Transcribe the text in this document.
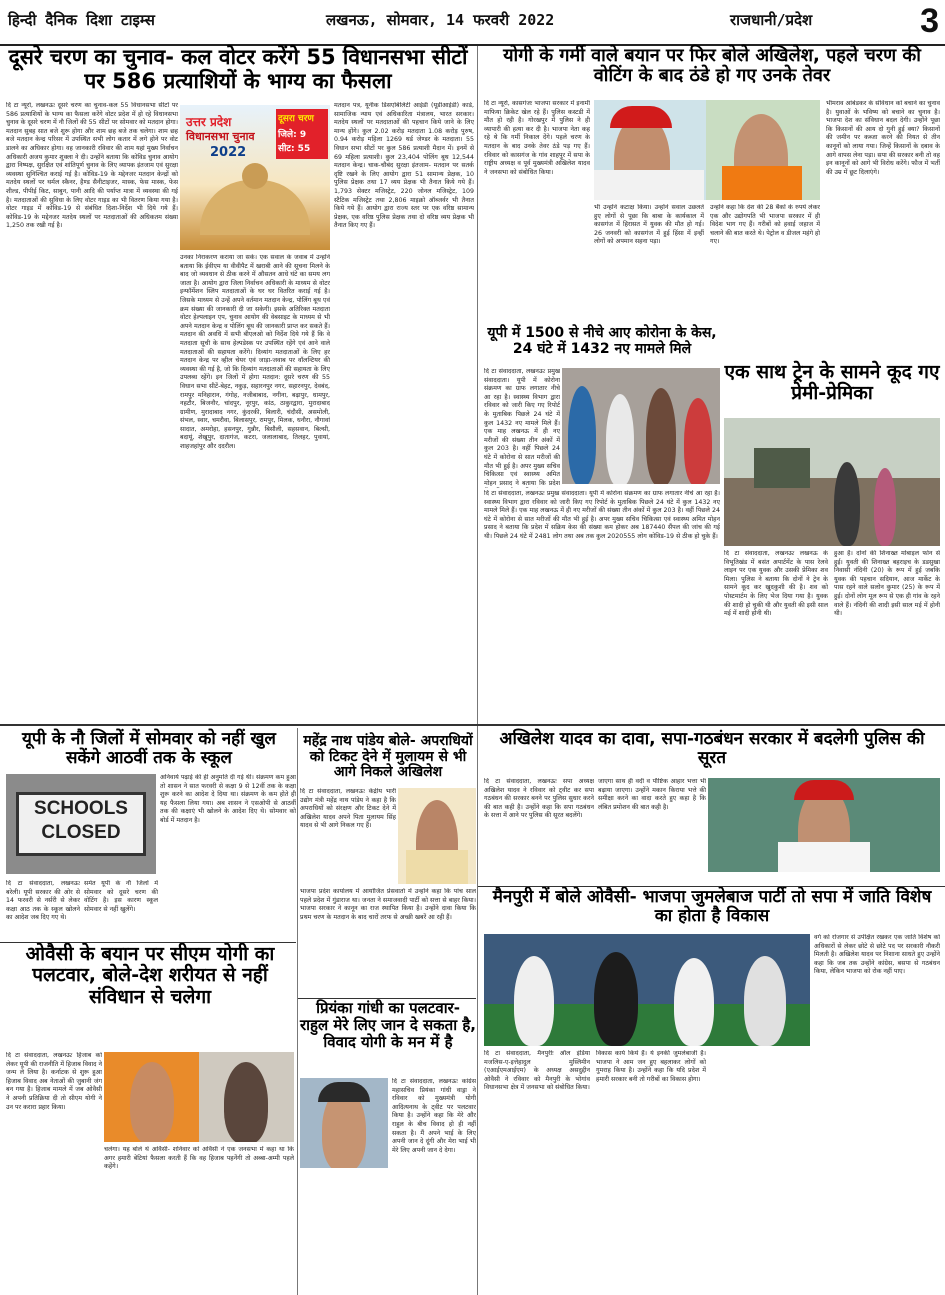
हिन्दी दैनिक दिशा टाइम्स	लखनऊ, सोमवार, 14 फरवरी 2022	राजधानी/प्रदेश	3
दूसरे चरण का चुनाव- कल वोटर करेंगे 55 विधानसभा सीटों पर 586 प्रत्याशियों के भाग्य का फैसला
दि टा न्यूरो, लखनऊः दूसरे चरण का चुनाव-कल 55 विधानसभा सीटों पर 586 प्रत्याशियों के भाग्य का फैसला करेंगे वोटर प्रदेश में हो रहे विधानसभा चुनाव के दूसरे चरण में नौ जिलों की 55 सीटों पर सोमवार को मतदान होगा। मतदान सुबह सात बजे शुरू होगा और शाम छह बजे तक चलेगा। शाम छह बजे मतदान केन्द्र परिसर में उपस्थित सभी लोग कतार में लगे होने पर वोट डालने का अधिकार होगा। वह जानकारी रविवार की शाम यहां मुख्य निर्वाचन अधिकारी अजय कुमार शुक्ला ने दी। उन्होंने बताया कि कोविड चुनाव आयोग द्वारा निष्पक्ष, सुरक्षित एवं शांतिपूर्ण चुनाव के लिए व्यापक इंतजाम एवं सुरक्षा व्यवस्था सुनिश्चित कराई गई है। कोविड-19 के मद्देनजर मतदान केन्द्रों को मतदेय स्थलों पर थर्मल स्कैनर, हैण्ड सैनीटाइजर, मास्क, फेस मास्क, फेस शील्ड, पीपीई किट, साबुन, पानी आदि की पर्याप्त मात्रा में व्यवस्था की गई है। मतदाताओं की सुविधा के लिए वोटर गाइड का भी वितरण किया गया है। वोटर गाइड में कोविड-19 से संबंधित दिशा-निर्देश भी दिये गये हैं। कोविड-19 के मद्देनजर मतदेय स्थलों पर मतदाताओं की अधिकतम संख्या 1,250 तक रखी गई है।
दूसरा चरण
जिले: 9
सीट: 55
उत्तर प्रदेश
विधानसभा चुनाव
2022
उनका निराकरण कराया जा सके। एक सवाल के जवाब में उन्होंने बताया कि ईवीएम या वीवीपैट में खराबी आने की सूचना मिलने के बाद जो व्यवधान से ठीक करने में औसतन आधे घंटे का समय लग जाता है। आयोग द्वारा जिला निर्वाचन अधिकारी के माध्यम से वोटर इन्फॉर्मेशन स्लिप मतदाताओं के घर घर वितरित कराई गई है। जिसके माध्यम से उन्हें अपने वर्तमान मतदान केन्द्र, पोलिंग बूथ एवं क्रम संख्या की जानकारी दी जा सकेगी। इसके अतिरिक्त मतदाता वोटर हेल्पलाइन एप, चुनाव आयोग की वेबसाइट के माध्यम से भी अपने मतदान केन्द्र व पोलिंग बूथ की जानकारी प्राप्त कर सकते हैं। मतदान की अवधि में सभी बीएलओ को निर्देश दिये गये हैं कि वे मतदाता सूची के साथ हेल्पडेस्क पर उपस्थित रहेंगे एवं आने वाले मतदाताओं की सहायता करेंगे। दिव्यांग मतदाताओं के लिए हर मतदान केन्द्र पर व्हील चेयर एवं जाड़ा-जवाब पर वॉलन्टियर की व्यवस्था की गई है, जो कि दिव्यांग मतदाताओं की सहायता के लिए उपलब्ध रहेंगे। इन जिलों में होगा मतदान: दूसरे चरण की 55 विधान सभा सीटें-बेहट, नकुड़, सहारनपुर नगर, सहारनपुर, देवबंद, रामपुर मनिहारान, गंगोह, नजीबाबाद, नगीना, बढ़ापुर, धामपुर, नहटौर, बिजनौर, चांदपुर, नूरपुर, कांठ, ठाकुरद्वारा, मुरादाबाद ग्रामीण, मुरादाबाद नगर, कुंदरकी, बिलारी, चंदौसी, असमोली, संभल, स्वार, चमरौवा, बिलासपुर, रामपुर, मिलक, धनौरा, नौगावां सादात, अमरोहा, हसनपुर, गुन्नौर, बिसौली, सहसवान, बिल्सी, बदायूं, शेखूपुर, दातागंज, कटरा, जलालाबाद, तिलहर, पुवायां, शाहजहांपुर और ददरौल।
मतदान पत्र, यूनीक डिसएबिलिटी आईडी (यूडीआईडी) कार्ड, सामाजिक न्याय एवं अधिकारिता मंत्रालय, भारत सरकार। मतदेय स्थलों पर मतदाताओं की पहचान किये जाने के लिए मान्य होंगे। कुल 2.02 करोड़ मतदाता 1.08 करोड़ पुरुष, 0.94 करोड़ महिला 1269 थर्ड जेण्डर के मतदाता। 55 विधान सभा सीटों पर कुल 586 प्रत्याशी मैदान में। इनमें से 69 महिला प्रत्याशी। कुल 23,404 पोलिंग बूथ 12,544 मतदान केन्द्र। चाक-चौबंद सुरक्षा इंतजाम- मतदान पर सतर्क दृष्टि रखने के लिए आयोग द्वारा 51 सामान्य प्रेक्षक, 10 पुलिस प्रेक्षक तथा 17 व्यय प्रेक्षक भी तैनात किये गये हैं। 1,793 सेक्टर मजिस्ट्रेट, 220 जोनल मजिस्ट्रेट, 109 स्टैटिक मजिस्ट्रेट तथा 2,806 माइक्रो ऑब्जर्वर भी तैनात किये गये हैं। आयोग द्वारा राज्य स्तर पर एक वरिष्ठ सामान्य प्रेक्षक, एक वरिष्ठ पुलिस प्रेक्षक तथा दो वरिष्ठ व्यय प्रेक्षक भी तैनात किए गए हैं।
योगी के गर्मी वाले बयान पर फिर बोले अखिलेश, पहले चरण की वोटिंग के बाद ठंडे हो गए उनके तेवर
दि टा न्यूरो, कासगंजः भाजपा सरकार में इनामी माफिया क्रिकेट खेल रहे हैं। पुलिस कस्टडी में मौत हो रही है। गोरखपुर में पुलिस ने ही व्यापारी की हत्या कर दी है। भाजपा नेता कह रहे थे कि गर्मी निकाल देंगे। पहले चरण के मतदान के बाद उनके तेवर ठंडे पड़ गए हैं। रविवार को कासगंज के गांव शाहपुर में सपा के राष्ट्रीय अध्यक्ष व पूर्व मुख्यमंत्री अखिलेश यादव ने जनसभा को संबोधित किया।
भी उन्होंने कटाक्ष किया। उन्होंने सवाल उछलते हुए लोगों से पूछा कि बाबा के कार्यकाल में कासगंज में हिरासत में युवक की मौत हो गई। 26 जनवरी को कासगंज में हुई हिंसा में इन्हीं लोगों को अपमान सहना पड़ा।
उन्होंने कहा कि देश की 28 बैंकों के रुपये लेकर एक और उद्योगपति भी भाजपा सरकार में ही विदेश भाग गए हैं। गरीबों को हवाई जहाज में चलाने की बात करते थे। पेट्रोल व डीजल महंगे हो गए।
भीमराव आंबेडकर के संविधान को बचाने का चुनाव है। युवाओं के भविष्य को बचाने का चुनाव है। भाजपा देश का संविधान बदल देगी। उन्होंने पूछा कि किसानों की आय दो गुनी हुई क्या? किसानों की जमीन पर कब्जा करने की नियत से तीन कानूनों को लाया गया। जिन्हें किसानों के दबाव के आगे वापस लेना पड़ा। सपा की सरकार बनी तो वह इन कानूनों को आगे भी विरोध करेंगे। फौज में भर्ती की उम्र में छूट दिलाएंगे।
यूपी में 1500 से नीचे आए कोरोना के केस, 24 घंटे में 1432 नए मामले मिले
दि टा संवाददाता, लखनऊः प्रमुख संवाददाता। यूपी में कोरोना संक्रमण का ग्राफ लगातार नीचे आ रहा है। स्वास्थ्य विभाग द्वारा रविवार को जारी किए गए रिपोर्ट के मुताबिक पिछले 24 घंटे में कुल 1432 नए मामले मिले हैं। एक माह लखनऊ में ही नए मरीजों की संख्या तीन अंकों में कुल 203 है। वहीं पिछले 24 घंटे में कोरोना से सात मरीजों की मौत भी हुई है। अपर मुख्य सचिव चिकित्सा एवं स्वास्थ्य अमित मोहन प्रसाद ने बताया कि प्रदेश
दि टा संवाददाता, लखनऊः प्रमुख संवाददाता। यूपी में कोरोना संक्रमण का ग्राफ लगातार नीचे आ रहा है। स्वास्थ्य विभाग द्वारा रविवार को जारी किए गए रिपोर्ट के मुताबिक पिछले 24 घंटे में कुल 1432 नए मामले मिले हैं। एक माह लखनऊ में ही नए मरीजों की संख्या तीन अंकों में कुल 203 है। वहीं पिछले 24 घंटे में कोरोना से सात मरीजों की मौत भी हुई है। अपर मुख्य सचिव चिकित्सा एवं स्वास्थ्य अमित मोहन प्रसाद ने बताया कि प्रदेश में सक्रिय केस की संख्या कम होकर अब 187440 सैंपल की जांच की गई थी। पिछले 24 घंटे में 2481 लोग तथा अब तक कुल 2020555 लोग कोविड-19 से ठीक हो चुके हैं।
एक साथ ट्रेन के सामने कूद गए प्रेमी-प्रेमिका
दि टा संवाददाता, लखनऊः लखनऊ के विभूतिखंड में बसंत अपार्टमेंट के पास रेलवे लाइन पर एक युवक और उसकी प्रेमिका शव मिला। पुलिस ने बताया कि दोनों ने ट्रेन के सामने कूद कर खुदकुशी की है। शव को पोस्टमार्टम के लिए भेज दिया गया है। युवक की शादी हो चुकी थी और युवती की इसी साल मई में शादी होनी थी।
हुआ है। दोनों की शिनाख्त मोबाइल फोन से हुई। युवती की शिनाख्त बहराइच के डडसुखा निवासी नंदिनी (20) के रूप में हुई जबकि युवक की पहचान सदियान, आज मार्केट के पास रहने वाले सलोन कुमार (25) के रूप में हुई। दोनों लोग मूल रूप से एक ही गांव के रहने वाले हैं। नंदिनी की शादी इसी साल मई में होनी थी।
यूपी के नौ जिलों में सोमवार को नहीं खुल सकेंगे आठवीं तक के स्कूल
SCHOOLS
CLOSED
अनिवार्य पढ़ाई की ही अनुमति दी गई थी। संक्रमण कम हुआ तो शासन ने सात फरवरी से कक्षा 9 से 12वीं तक के कक्षा शुरू करने का आदेश दे दिया था। संक्रमण के कम होते ही यह फैसला लिया गया। अब शासन ने एसओपी से आठवीं तक की कक्षाएं भी खोलने के आदेश दिए थे। सोमवार को बोर्ड में मतदान है।
दि टा संवाददाता, लखनऊः बरेली। यूपी सरकार की ओर से 14 फरवरी से नर्सरी से लेकर कक्षा आठ तक के स्कूल खोलने का आदेश जब दिए गए थे।
समेत यूपी के नौ जिलों में सोमवार को दूसरे चरण की वोटिंग है। इस कारण स्कूल सोमवार से नहीं खुलेंगे।
महेंद्र नाथ पांडेय बोले- अपराधियों को टिकट देने में मुलायम से भी आगे निकले अखिलेश
दि टा संवाददाता, लखनऊः केंद्रीय भारी उद्योग मंत्री महेंद्र नाथ पांडेय ने कहा है कि अपराधियों को संरक्षण और टिकट देने में अखिलेश यादव अपने पिता मुलायम सिंह यादव से भी आगे निकल गए हैं।
भाजपा प्रदेश कार्यालय में आयोजित प्रेसवार्ता में उन्होंने कहा कि पांच साल पहले प्रदेश में गुंडाराज था। जनता ने समाजवादी पार्टी को सत्ता से बाहर किया। भाजपा सरकार ने कानून का राज स्थापित किया है। उन्होंने दावा किया कि प्रथम चरण के मतदान के बाद चारों तरफ से अच्छी खबरें आ रही हैं।
अखिलेश यादव का दावा, सपा-गठबंधन सरकार में बदलेगी पुलिस की सूरत
दि टा संवाददाता, लखनऊः सपा अध्यक्ष अखिलेश यादव ने रविवार को ट्वीट कर सपा गठबंधन की सरकार बनने पर पुलिस सुधार करने की बात कही है। उन्होंने कहा कि सपा गठबंधन के सत्ता में आने पर पुलिस की सूरत बदलेंगे।
जाएगा साथ ही वर्दी व पौष्टिक आहार भत्ता भी बढ़ाया जाएगा। उन्होंने मकान किराया भत्ते की समीक्षा करने का वादा करते हुए कहा है कि लंबित प्रमोशन की बात कही है।
मैनपुरी में बोले ओवैसी- भाजपा जुमलेबाज पार्टी तो सपा में जाति विशेष का होता है विकास
दि टा संवाददाता, मैनपुरीः ऑल इंडिया मजलिस-ए-इत्तेहादुल मुस्लिमीन (एआईएमआईएम) के अध्यक्ष असदुद्दीन ओवैसी ने रविवार को मैनपुरी के भोगांव विधानसभा क्षेत्र में जनसभा को संबोधित किया।
विकास कार्य किये हैं। ये इनकी जुमलेबाजी है। भाजपा ने आम जन हुए बहलाकर लोगों को गुमराह किया है। उन्होंने कहा कि यदि प्रदेश में हमारी सरकार बनी तो गरीबों का विकास होगा।
वर्ग को रोजगार से उपेक्षित रखकर एक जाति विशेष को अधिकारों से लेकर छोटे से छोटे पद पर सरकारी नौकरी मिलती है। अखिलेश यादव पर निशाना साधते हुए उन्होंने कहा कि जब तक उन्होंने कांग्रेस, बसपा से गठबंधन किया, लेकिन भाजपा को रोक नहीं पाए।
ओवैसी के बयान पर सीएम योगी का पलटवार, बोले-देश शरीयत से नहीं संविधान से चलेगा
दि टा संवाददाता, लखनऊः हिजाब को लेकर यूपी की राजनीति में हिजाब विवाद ने जन्म ले लिया है। कर्नाटक से शुरू हुआ हिजाब विवाद अब नेताओं की जुबानी जंग बन गया है। हिजाब मामले में जब ओवैसी ने अपनी प्रतिक्रिया दी तो सीएम योगी ने उन पर करारा प्रहार किया।
चलेगा। यह बोले थे ओवैसी- शनिवार को ओवैसी ने एक जनसभा में कहा था कि अगर हमारी बेटियां फैसला करती हैं कि वह हिजाब पहनेंगी तो अब्बा-अम्मी पहले कहेंगे।
प्रियंका गांधी का पलटवार- राहुल मेरे लिए जान दे सकता है, विवाद योगी के मन में है
दि टा संवाददाता, लखनऊः कांग्रेस महासचिव प्रियंका गांधी वाड्रा ने रविवार को मुख्यमंत्री योगी आदित्यनाथ के ट्वीट पर पलटवार किया है। उन्होंने कहा कि मेरे और राहुल के बीच विवाद हो ही नहीं सकता है। मैं अपने भाई के लिए अपनी जान दे दूंगी और मेरा भाई भी मेरे लिए अपनी जान दे देगा।
